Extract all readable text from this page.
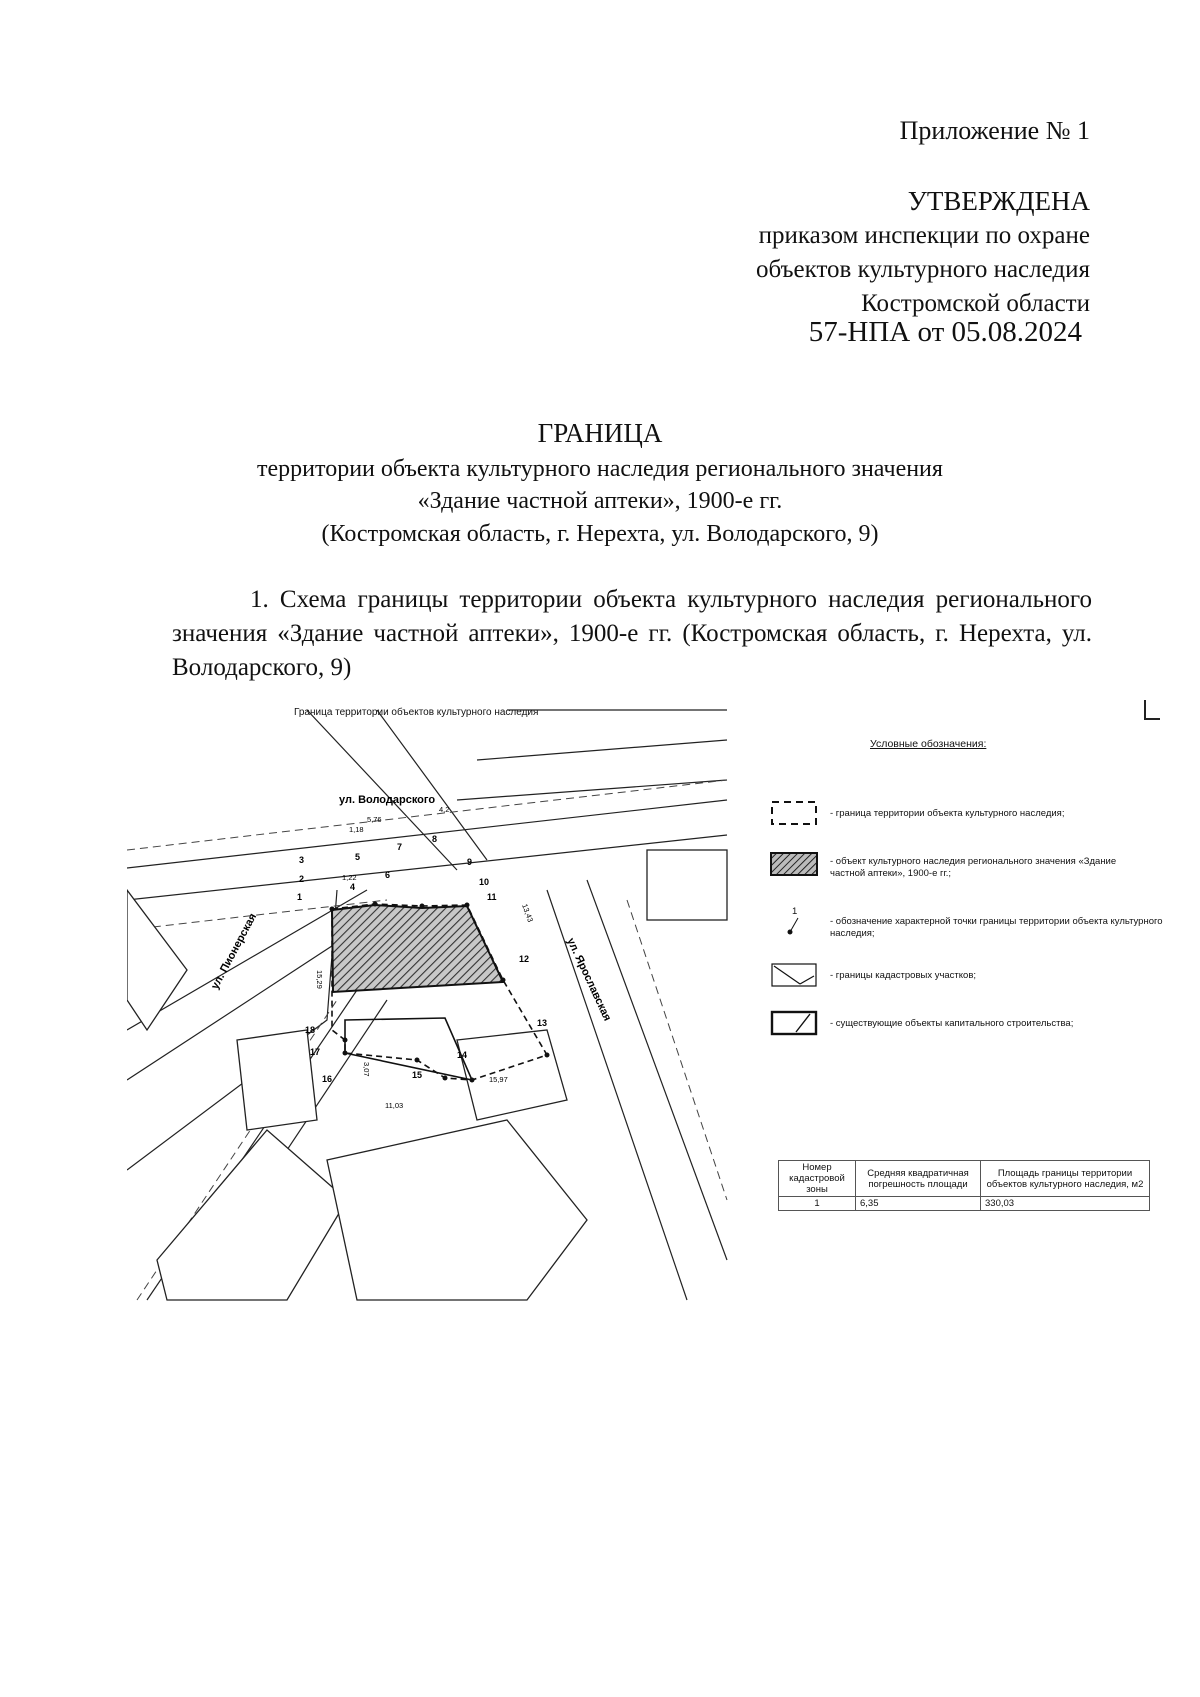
Приложение № 1
УТВЕРЖДЕНА
приказом инспекции по охране
объектов культурного наследия
Костромской области
57-НПА от 05.08.2024
ГРАНИЦА
территории объекта культурного наследия регионального значения
«Здание частной аптеки», 1900-е гг.
(Костромская область, г. Нерехта, ул. Володарского, 9)
1. Схема границы территории объекта культурного наследия регионального значения «Здание частной аптеки», 1900-е гг. (Костромская область, г. Нерехта, ул. Володарского, 9)
Граница территории объектов культурного наследия
ул. Володарского
ул. Пионерская	ул. Ярославская
1
2
3
4
5
6
7
8
9
10
11
12
13
14
15
16
17
18
5,76
4,2
1,18
1,22
15,29
13,43
11,03
15,97
3,07
Условные обозначения:
- граница территории объекта культурного наследия;
- объект культурного наследия регионального значения «Здание частной аптеки», 1900-е гг.;
1
- обозначение характерной точки границы территории объекта культурного наследия;
- границы кадастровых участков;
- существующие объекты капитального строительства;
Номер кадастровой зоны	Средняя квадратичная погрешность площади	Площадь границы территории объектов культурного наследия, м2
1	6,35	330,03
